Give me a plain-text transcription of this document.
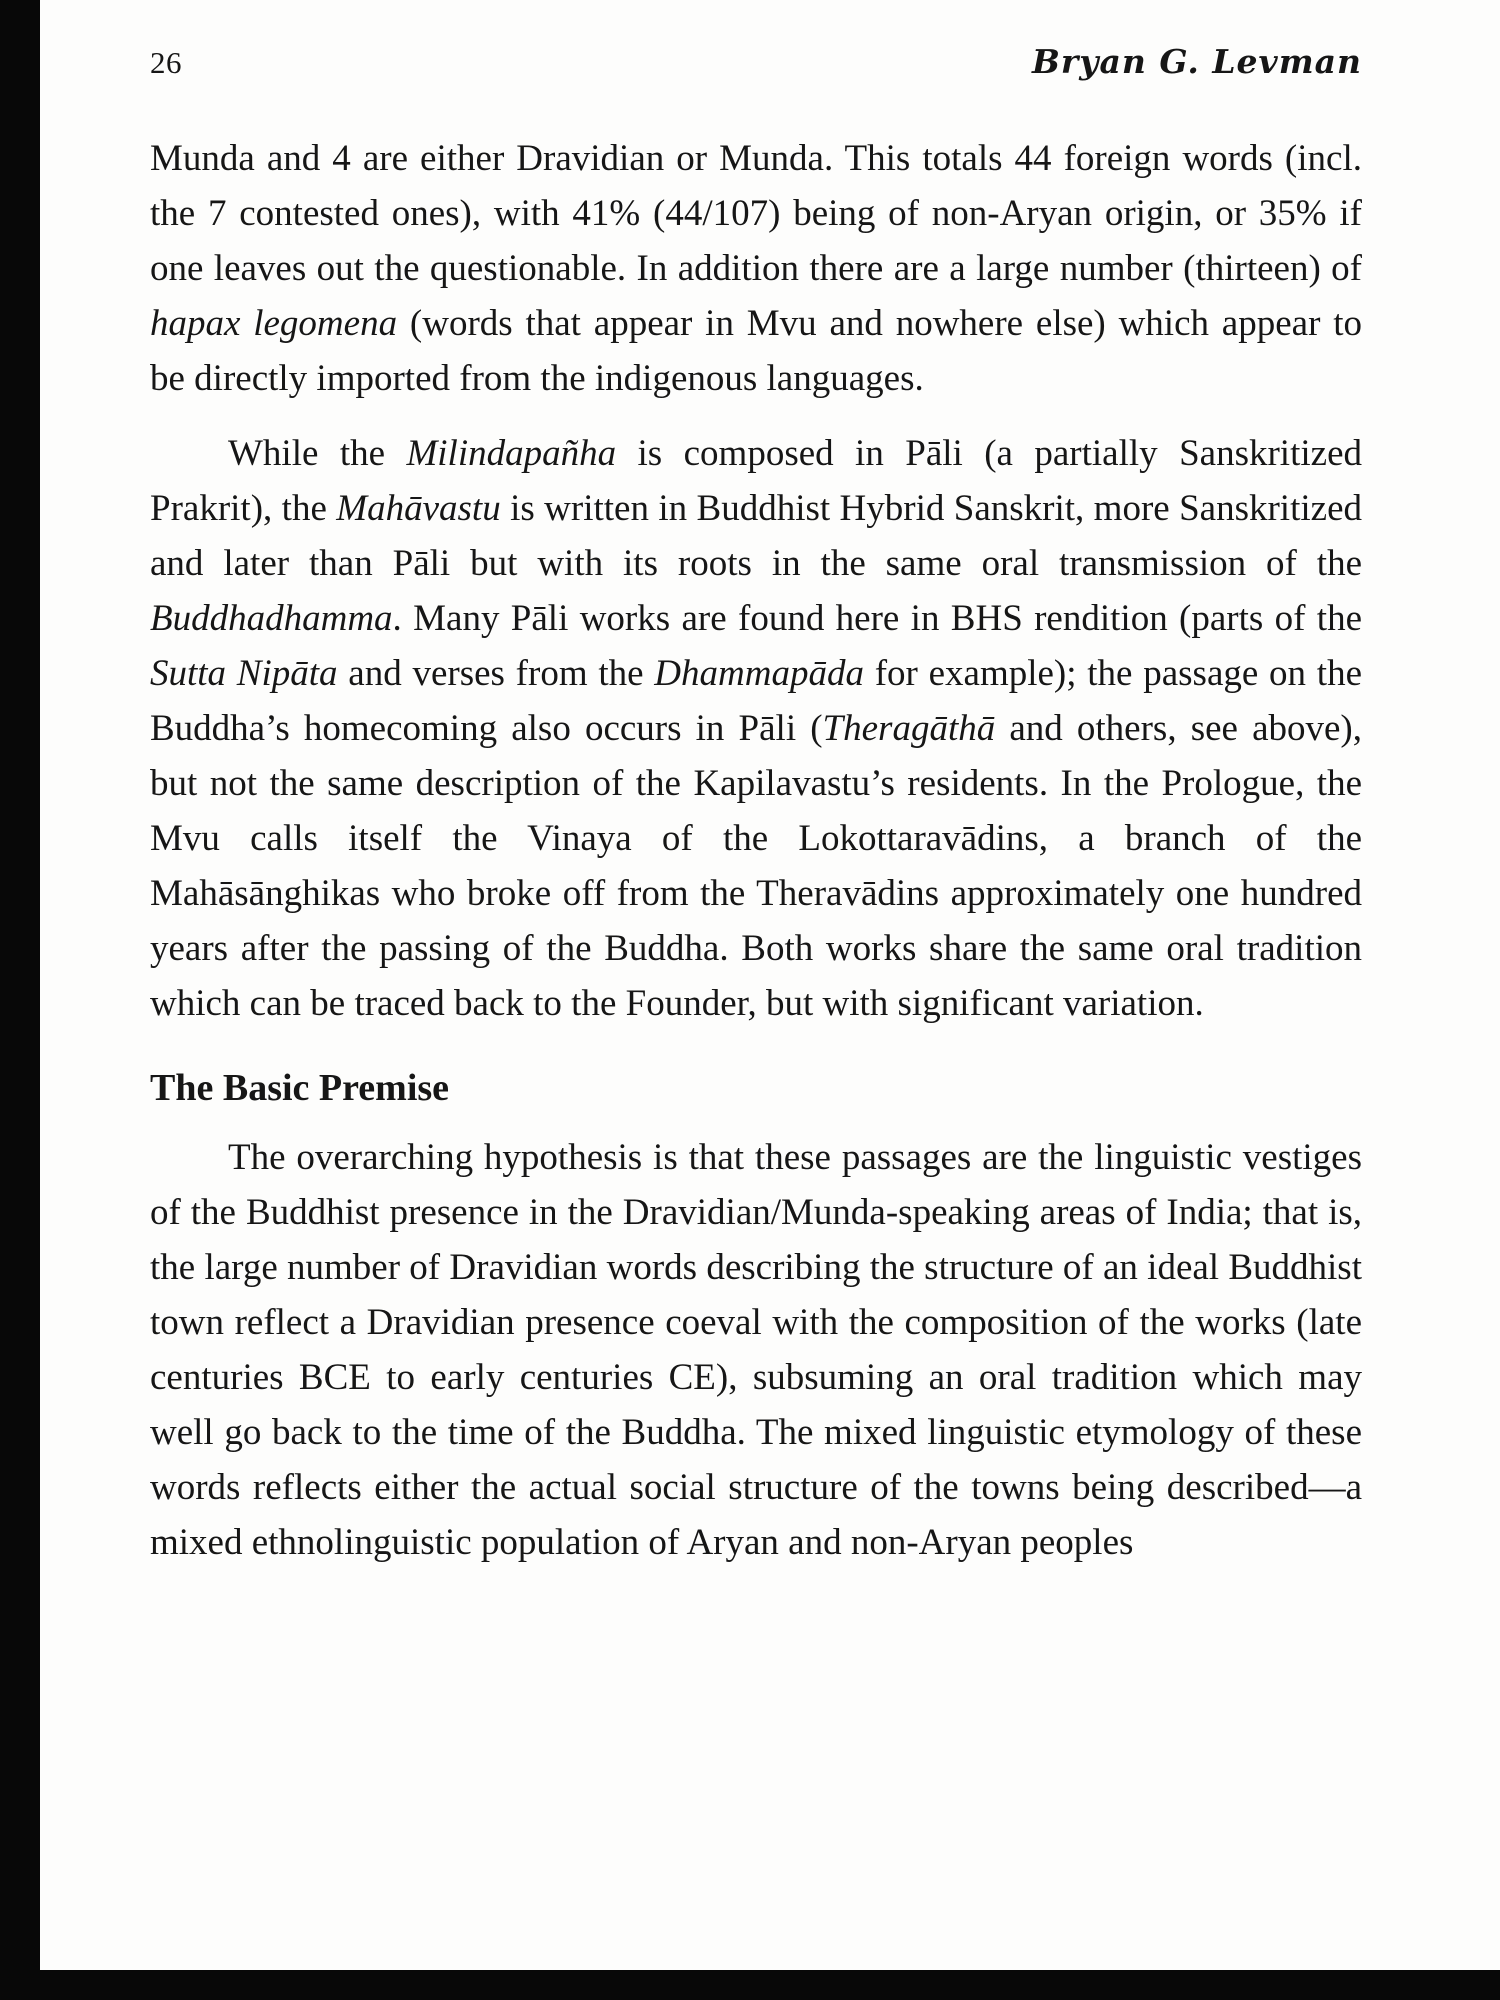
26	Bryan G. Levman

Munda and 4 are either Dravidian or Munda. This totals 44 foreign words (incl. the 7 contested ones), with 41% (44/107) being of non-Aryan origin, or 35% if one leaves out the questionable. In addition there are a large number (thirteen) of hapax legomena (words that appear in Mvu and nowhere else) which appear to be directly imported from the indigenous languages.

While the Milindapañha is composed in Pāli (a partially Sanskritized Prakrit), the Mahāvastu is written in Buddhist Hybrid Sanskrit, more Sanskritized and later than Pāli but with its roots in the same oral transmission of the Buddhadhamma. Many Pāli works are found here in BHS rendition (parts of the Sutta Nipāta and verses from the Dhammapāda for example); the passage on the Buddha’s homecoming also occurs in Pāli (Theragāthā and others, see above), but not the same description of the Kapilavastu’s residents. In the Prologue, the Mvu calls itself the Vinaya of the Lokottaravādins, a branch of the Mahāsānghikas who broke off from the Theravādins approximately one hundred years after the passing of the Buddha. Both works share the same oral tradition which can be traced back to the Founder, but with significant variation.

The Basic Premise

The overarching hypothesis is that these passages are the linguistic vestiges of the Buddhist presence in the Dravidian/Munda-speaking areas of India; that is, the large number of Dravidian words describing the structure of an ideal Buddhist town reflect a Dravidian presence coeval with the composition of the works (late centuries BCE to early centuries CE), subsuming an oral tradition which may well go back to the time of the Buddha. The mixed linguistic etymology of these words reflects either the actual social structure of the towns being described—a mixed ethnolinguistic population of Aryan and non-Aryan peoples
